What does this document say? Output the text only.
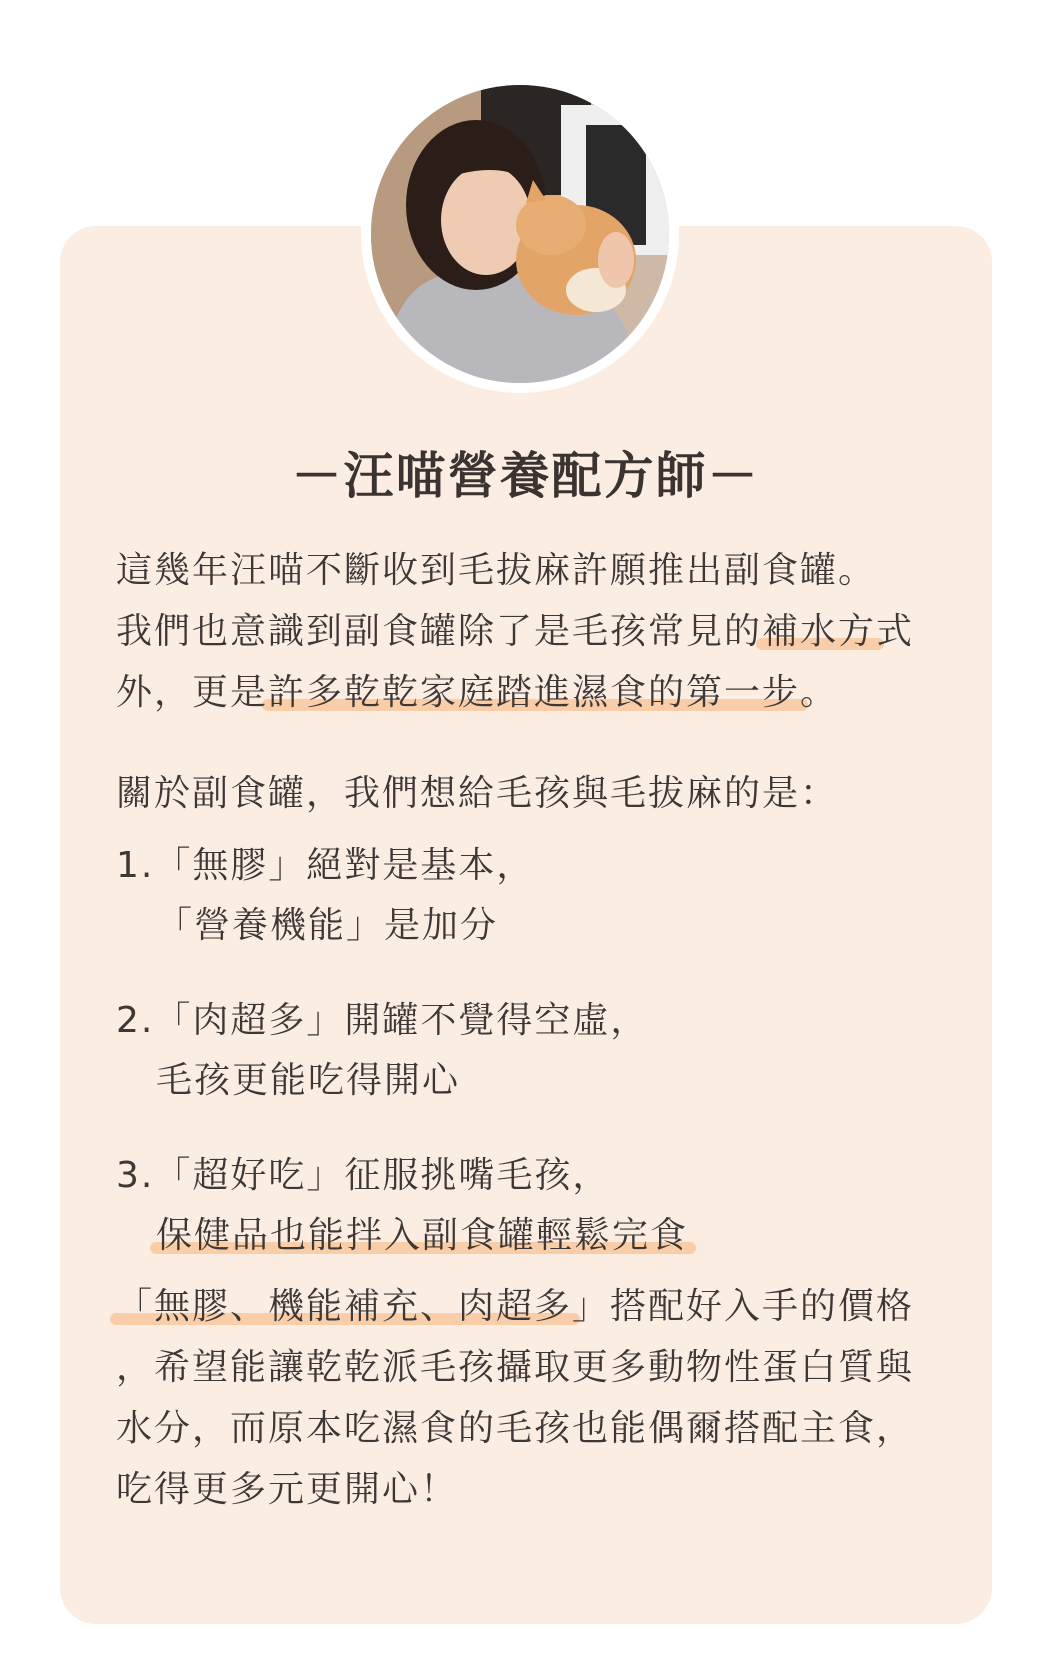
－汪喵營養配方師－
這幾年汪喵不斷收到毛拔麻許願推出副食罐。
我們也意識到副食罐除了是毛孩常見的補水方式
外，更是許多乾乾家庭踏進濕食的第一步。
關於副食罐，我們想給毛孩與毛拔麻的是：
1.「無膠」絕對是基本，
「營養機能」是加分
2.「肉超多」開罐不覺得空虛，
毛孩更能吃得開心
3.「超好吃」征服挑嘴毛孩，
保健品也能拌入副食罐輕鬆完食
「無膠、機能補充、肉超多」搭配好入手的價格
，希望能讓乾乾派毛孩攝取更多動物性蛋白質與
水分，而原本吃濕食的毛孩也能偶爾搭配主食，
吃得更多元更開心！
